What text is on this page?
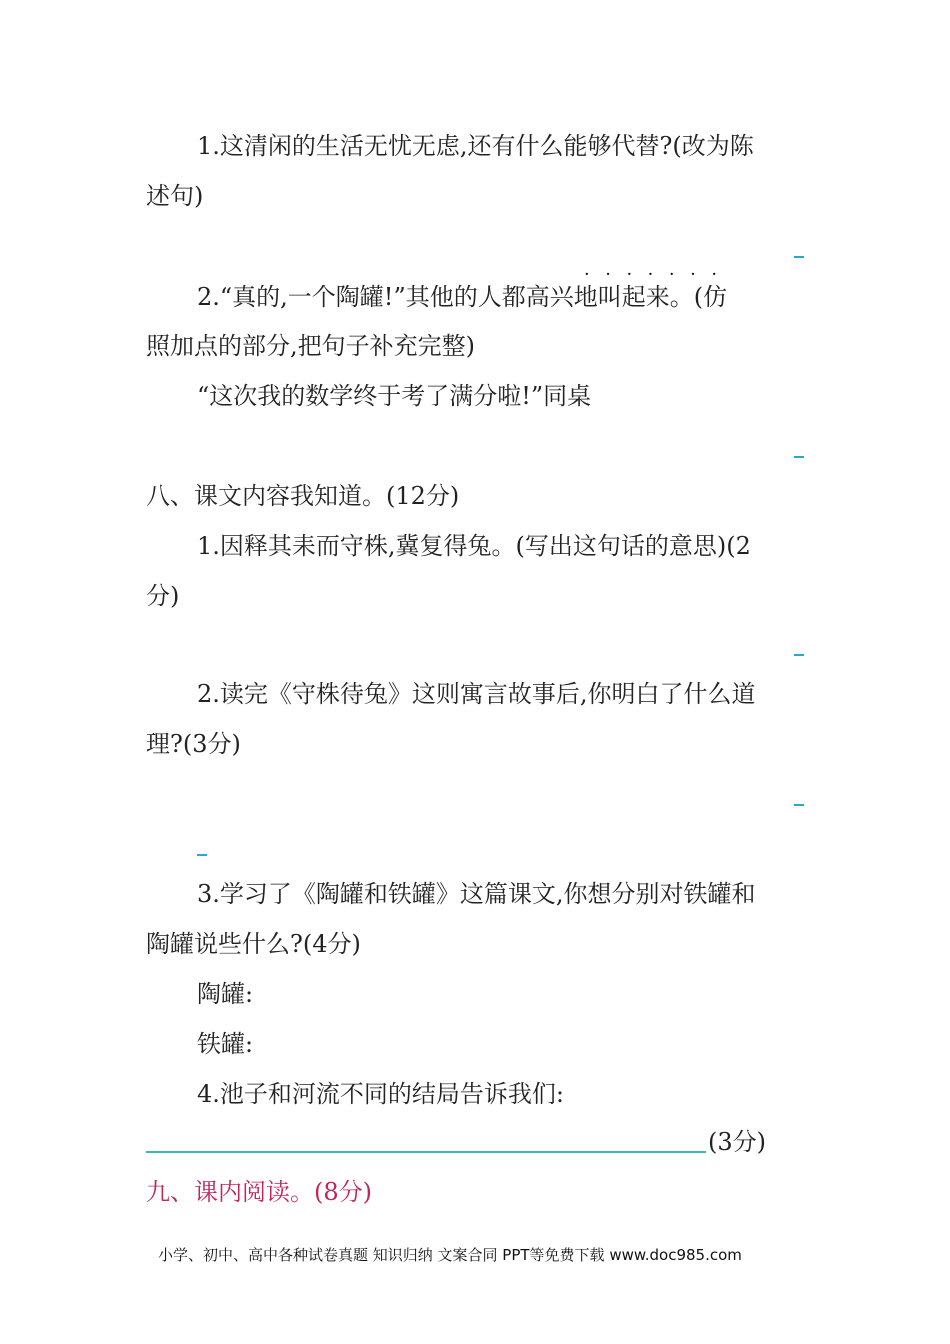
1.这清闲的生活无忧无虑,还有什么能够代替?(改为陈
述句)
·······
2.“真的,一个陶罐!”其他的人都高兴地叫起来。(仿
照加点的部分,把句子补充完整)
“这次我的数学终于考了满分啦!”同桌
八、课文内容我知道。(12分)
1.因释其耒而守株,冀复得兔。(写出这句话的意思)(2
分)
2.读完《守株待兔》这则寓言故事后,你明白了什么道
理?(3分)
3.学习了《陶罐和铁罐》这篇课文,你想分别对铁罐和
陶罐说些什么?(4分)
陶罐:
铁罐:
4.池子和河流不同的结局告诉我们:
(3分)
九、课内阅读。(8分)
小学、初中、高中各种试卷真题 知识归纳 文案合同 PPT等免费下载 www.doc985.com
